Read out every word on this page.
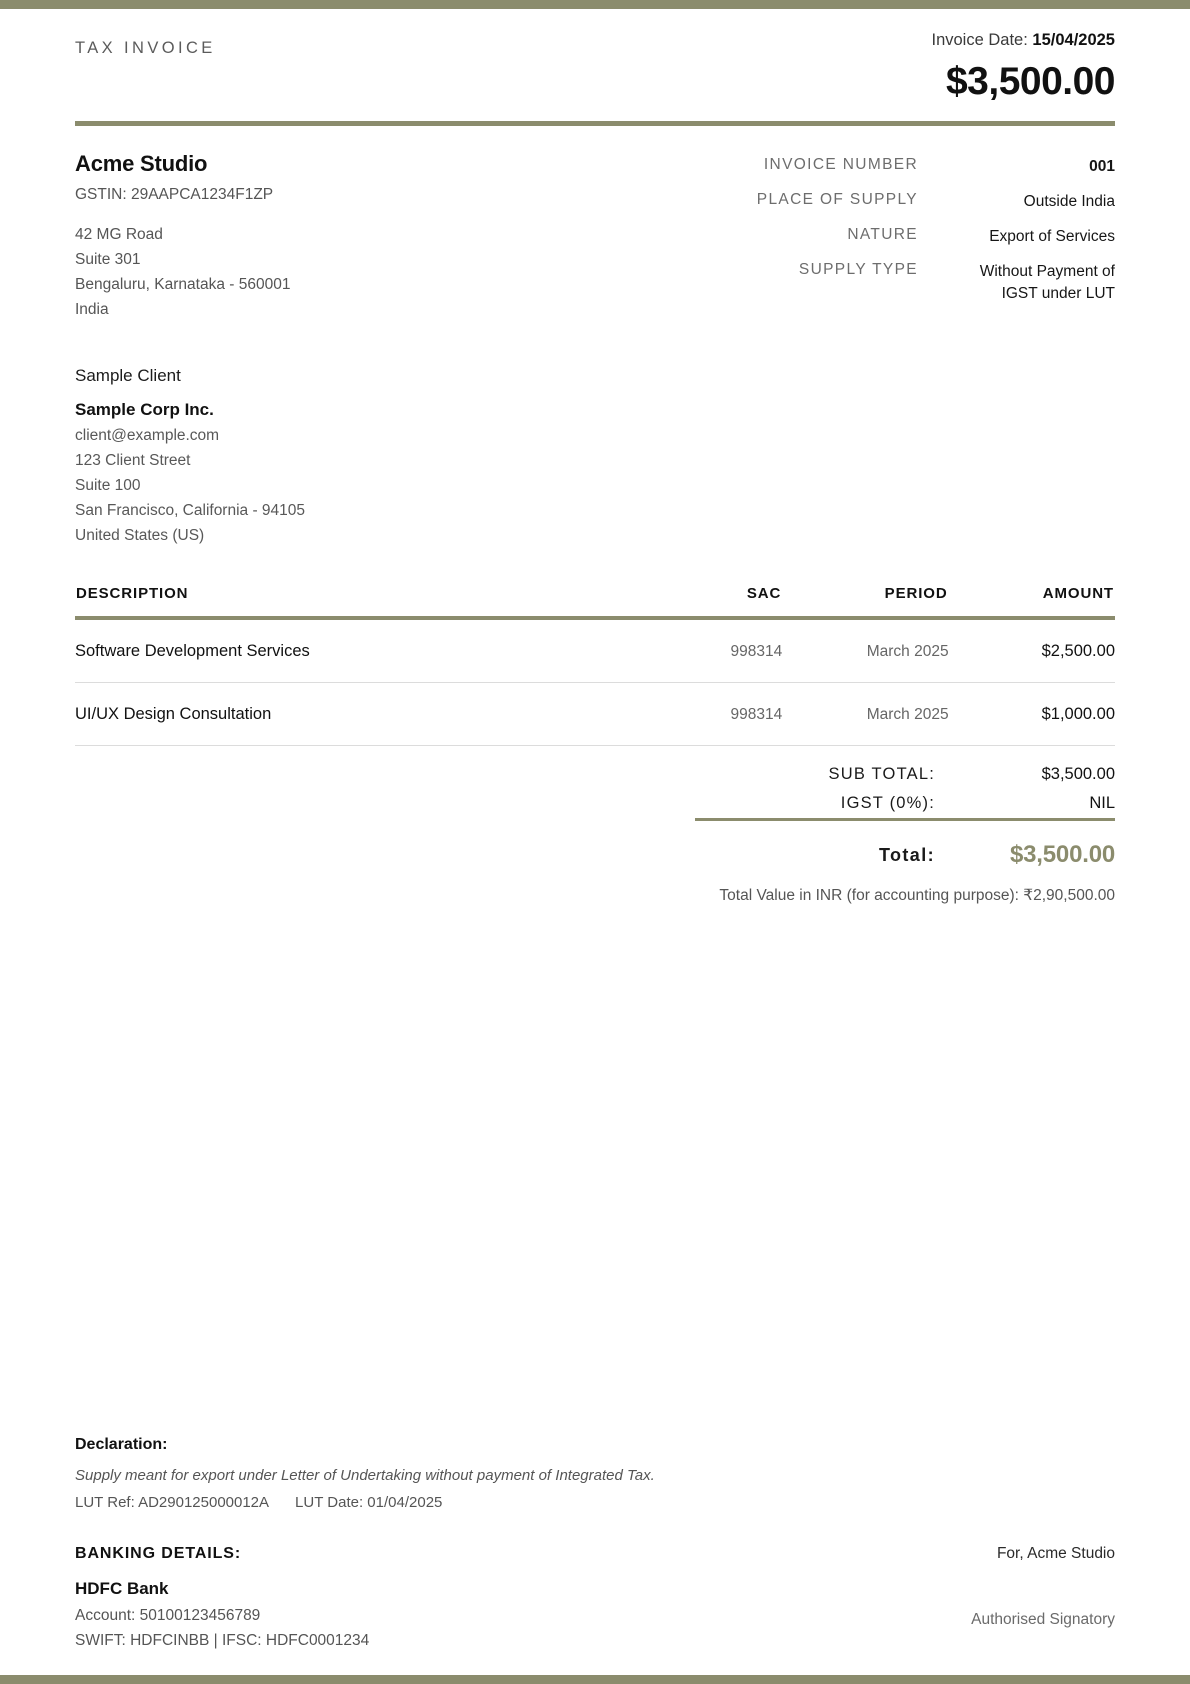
TAX INVOICE	Invoice Date: 15/04/2025
$3,500.00
Acme Studio
GSTIN: 29AAPCA1234F1ZP
42 MG Road
Suite 301
Bengaluru, Karnataka - 560001
India
INVOICE NUMBER	001
PLACE OF SUPPLY	Outside India
NATURE	Export of Services
SUPPLY TYPE	Without Payment of IGST under LUT
Sample Client
Sample Corp Inc.
client@example.com
123 Client Street
Suite 100
San Francisco, California - 94105
United States (US)
DESCRIPTION	SAC	PERIOD	AMOUNT
Software Development Services	998314	March 2025	$2,500.00
UI/UX Design Consultation	998314	March 2025	$1,000.00
SUB TOTAL:	$3,500.00
IGST (0%):	NIL
Total:	$3,500.00
Total Value in INR (for accounting purpose): ₹2,90,500.00
Declaration:
Supply meant for export under Letter of Undertaking without payment of Integrated Tax.
LUT Ref: AD290125000012A LUT Date: 01/04/2025
BANKING DETAILS:
HDFC Bank
Account: 50100123456789
SWIFT: HDFCINBB | IFSC: HDFC0001234
For, Acme Studio
Authorised Signatory
